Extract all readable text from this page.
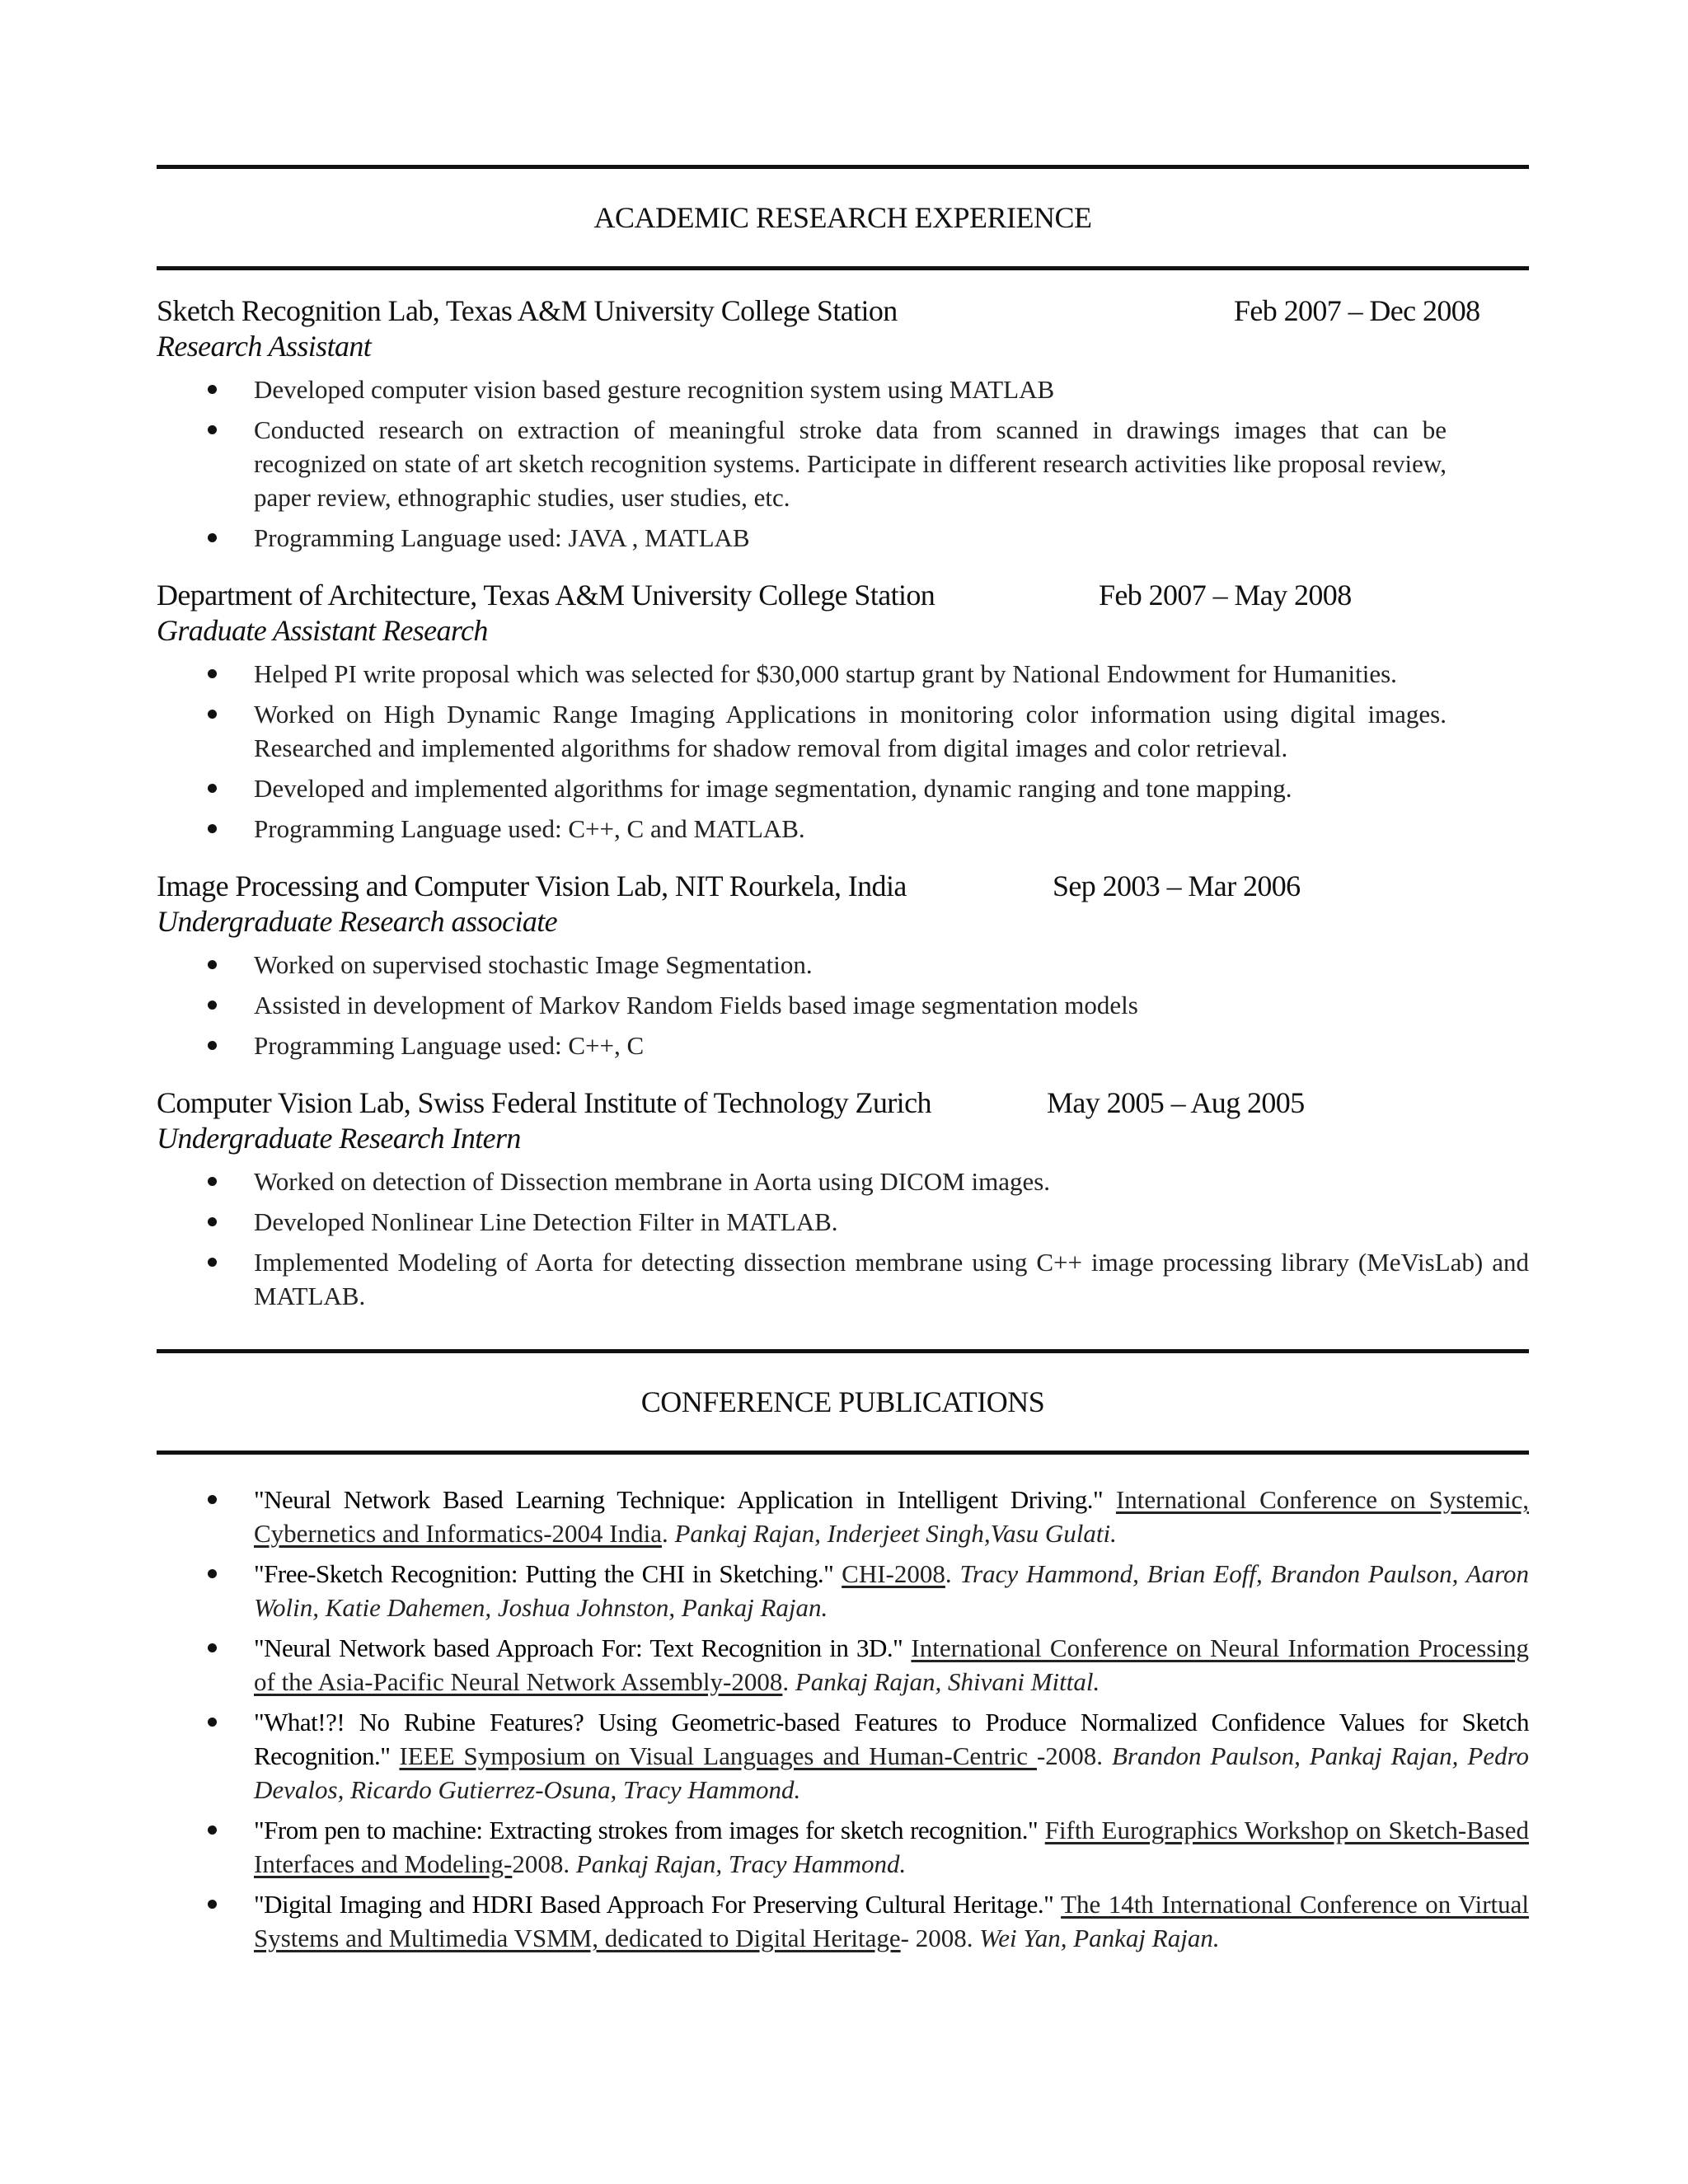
ACADEMIC RESEARCH EXPERIENCE
Sketch Recognition Lab, Texas A&M University College Station	Feb 2007 – Dec 2008
Research Assistant
Developed computer vision based gesture recognition system using MATLAB
Conducted research on extraction of meaningful stroke data from scanned in drawings images that can be recognized on state of art sketch recognition systems. Participate in different research activities like proposal review, paper review, ethnographic studies, user studies, etc.
Programming Language used: JAVA , MATLAB
Department of Architecture, Texas A&M University College Station	Feb 2007 – May 2008
Graduate Assistant Research
Helped PI write proposal which was selected for $30,000 startup grant by National Endowment for Humanities.
Worked on High Dynamic Range Imaging Applications in monitoring color information using digital images. Researched and implemented algorithms for shadow removal from digital images and color retrieval.
Developed and implemented algorithms for image segmentation, dynamic ranging and tone mapping.
Programming Language used: C++, C and MATLAB.
Image Processing and Computer Vision Lab, NIT Rourkela, India	Sep 2003 – Mar 2006
Undergraduate Research associate
Worked on supervised stochastic Image Segmentation.
Assisted in development of Markov Random Fields based image segmentation models
Programming Language used: C++, C
Computer Vision Lab, Swiss Federal Institute of Technology Zurich	May 2005 – Aug 2005
Undergraduate Research Intern
Worked on detection of Dissection membrane in Aorta using DICOM images.
Developed Nonlinear Line Detection Filter in MATLAB.
Implemented Modeling of Aorta for detecting dissection membrane using C++ image processing library (MeVisLab) and MATLAB.
CONFERENCE PUBLICATIONS
"Neural Network Based Learning Technique: Application in Intelligent Driving." International Conference on Systemic, Cybernetics and Informatics-2004 India. Pankaj Rajan, Inderjeet Singh,Vasu Gulati.
"Free-Sketch Recognition: Putting the CHI in Sketching." CHI-2008. Tracy Hammond, Brian Eoff, Brandon Paulson, Aaron Wolin, Katie Dahemen, Joshua Johnston, Pankaj Rajan.
"Neural Network based Approach For: Text Recognition in 3D." International Conference on Neural Information Processing of the Asia-Pacific Neural Network Assembly-2008. Pankaj Rajan, Shivani Mittal.
"What!?! No Rubine Features? Using Geometric-based Features to Produce Normalized Confidence Values for Sketch Recognition." IEEE Symposium on Visual Languages and Human-Centric -2008. Brandon Paulson, Pankaj Rajan, Pedro Devalos, Ricardo Gutierrez-Osuna, Tracy Hammond.
"From pen to machine: Extracting strokes from images for sketch recognition." Fifth Eurographics Workshop on Sketch-Based Interfaces and Modeling-2008. Pankaj Rajan, Tracy Hammond.
"Digital Imaging and HDRI Based Approach For Preserving Cultural Heritage." The 14th International Conference on Virtual Systems and Multimedia VSMM, dedicated to Digital Heritage- 2008. Wei Yan, Pankaj Rajan.
